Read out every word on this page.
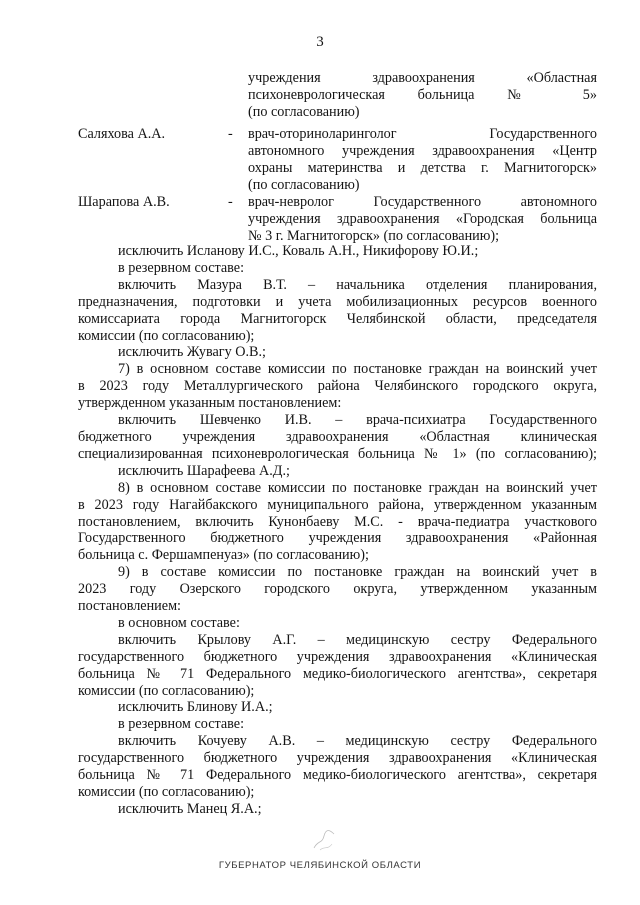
3
учреждения здравоохранения «Областная
психоневрологическая больница № 5»
(по согласованию)
Саляхова А.А.	- врач-оториноларинголог Государственного
автономного учреждения здравоохранения «Центр
охраны материнства и детства г. Магнитогорск»
(по согласованию)
Шарапова А.В.	- врач-невролог Государственного автономного
учреждения здравоохранения «Городская больница
№ 3 г. Магнитогорск» (по согласованию);

исключить Исланову И.С., Коваль А.Н., Никифорову Ю.И.;

в резервном составе:

включить Мазура В.Т. – начальника отделения планирования,

предназначения, подготовки и учета мобилизационных ресурсов военного

комиссариата города Магнитогорск Челябинской области, председателя

комиссии (по согласованию);

исключить Жувагу О.В.;

7) в основном составе комиссии по постановке граждан на воинский учет

в 2023 году Металлургического района Челябинского городского округа,

утвержденном указанным постановлением:

включить Шевченко И.В. – врача-психиатра Государственного

бюджетного учреждения здравоохранения «Областная клиническая

специализированная психоневрологическая больница № 1» (по согласованию);

исключить Шарафеева А.Д.;

8) в основном составе комиссии по постановке граждан на воинский учет

в 2023 году Нагайбакского муниципального района, утвержденном указанным

постановлением, включить Кунонбаеву М.С. - врача-педиатра участкового

Государственного бюджетного учреждения здравоохранения «Районная

больница с. Фершампенуаз» (по согласованию);

9) в составе комиссии по постановке граждан на воинский учет в

2023 году Озерского городского округа, утвержденном указанным

постановлением:

в основном составе:

включить Крылову А.Г. – медицинскую сестру Федерального

государственного бюджетного учреждения здравоохранения «Клиническая

больница № 71 Федерального медико-биологического агентства», секретаря

комиссии (по согласованию);

исключить Блинову И.А.;

в резервном составе:

включить Кочуеву А.В. – медицинскую сестру Федерального

государственного бюджетного учреждения здравоохранения «Клиническая

больница № 71 Федерального медико-биологического агентства», секретаря

комиссии (по согласованию);

исключить Манец Я.А.;

ГУБЕРНАТОР ЧЕЛЯБИНСКОЙ ОБЛАСТИ
